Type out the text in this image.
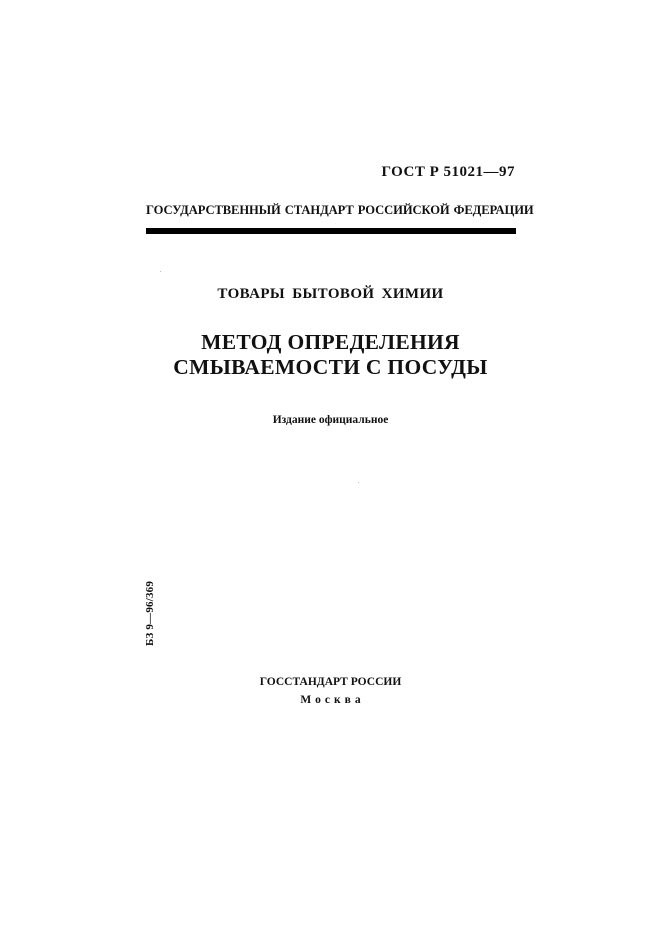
ГОСТ Р 51021—97
ГОСУДАРСТВЕННЫЙ СТАНДАРТ РОССИЙСКОЙ ФЕДЕРАЦИИ
ТОВАРЫ БЫТОВОЙ ХИМИИ
МЕТОД ОПРЕДЕЛЕНИЯ
СМЫВАЕМОСТИ С ПОСУДЫ
Издание официальное
БЗ 9—96/369
ГОССТАНДАРТ РОССИИ
Москва
